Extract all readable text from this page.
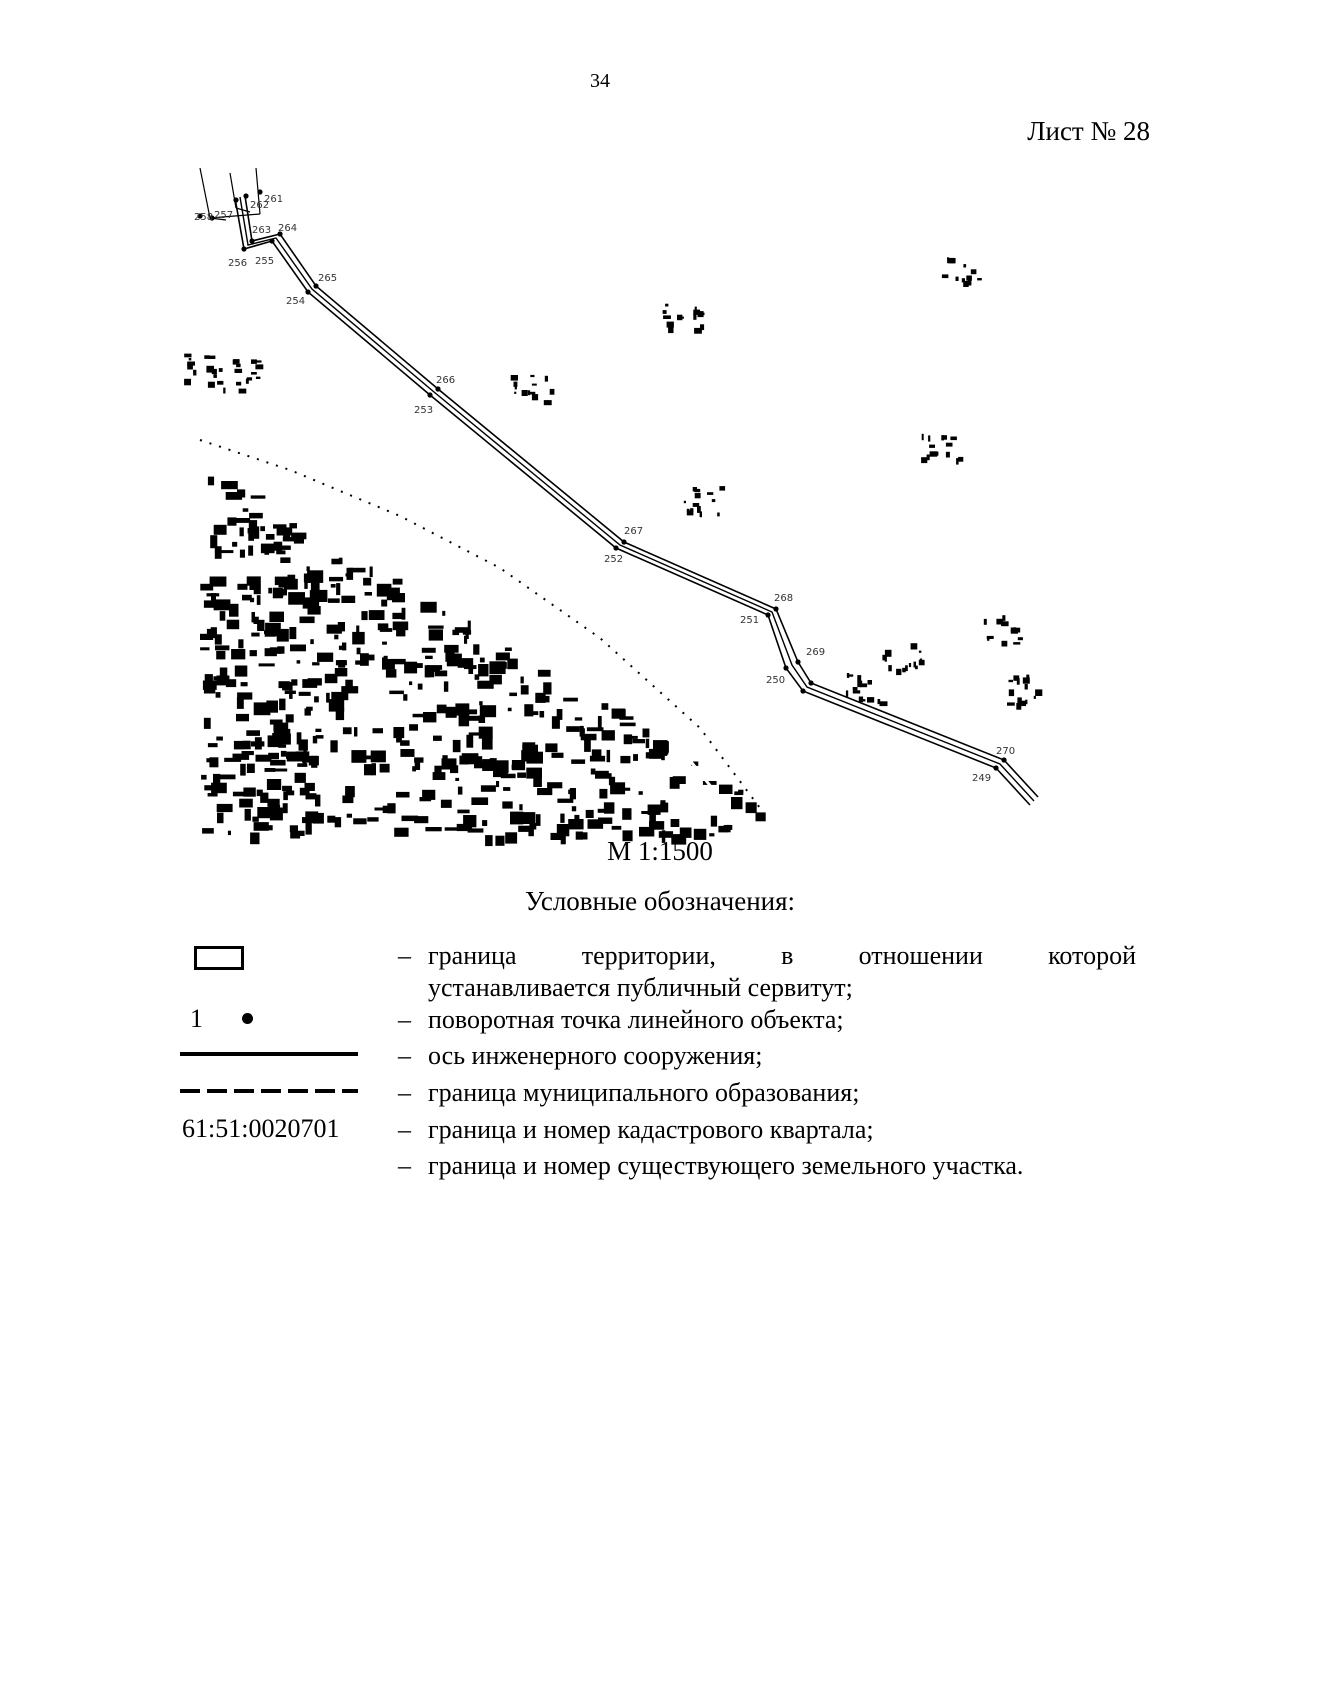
34
Лист № 28
258 257
262
261
263 264
256 255
265
254
266
253
267
252
268
251
269
250
270
249
М 1:1500
Условные обозначения:
– граница территории, в отношении которой
устанавливается публичный сервитут;
1	– поворотная точка линейного объекта;
– ось инженерного сооружения;
– граница муниципального образования;
61:51:0020701 – граница и номер кадастрового квартала;
– граница и номер существующего земельного участка.
